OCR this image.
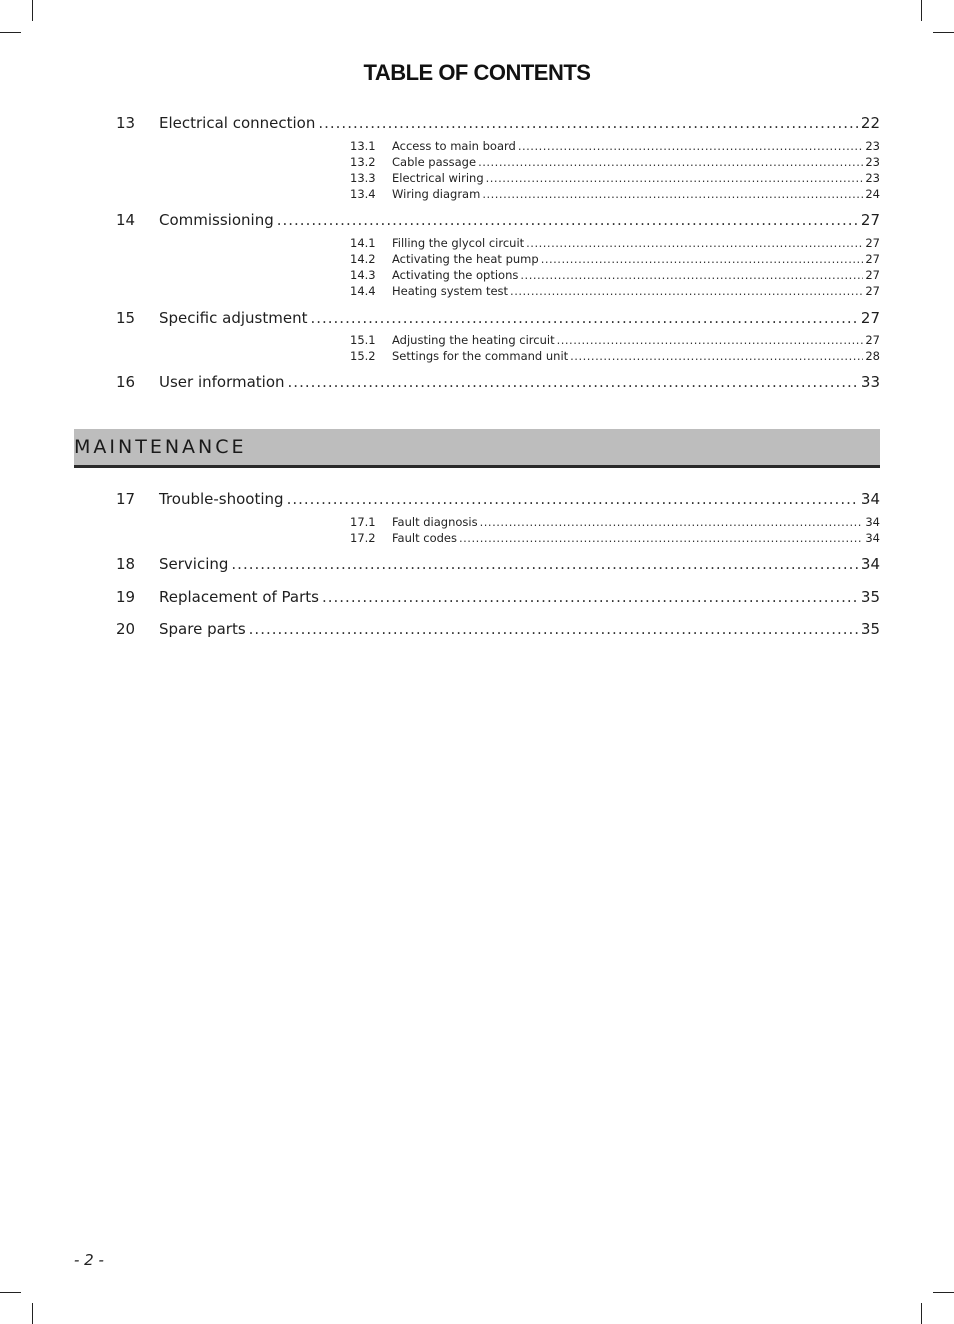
TABLE OF CONTENTS
13 Electrical connection .....	22
13.1 Access to main board .....	23
13.2 Cable passage .....	23
13.3 Electrical wiring .....	23
13.4 Wiring diagram .....	24
14 Commissioning .....	27
14.1 Filling the glycol circuit .....	27
14.2 Activating the heat pump .....	27
14.3 Activating the options .....	27
14.4 Heating system test .....	27
15 Specific adjustment .....	27
15.1 Adjusting the heating circuit .....	27
15.2 Settings for the command unit .....	28
16 User information .....	33
MAINTENANCE
17 Trouble-shooting .....	34
17.1 Fault diagnosis .....	34
17.2 Fault codes .....	34
18 Servicing .....	34
19 Replacement of Parts .....	35
20 Spare parts .....	35
- 2 -
